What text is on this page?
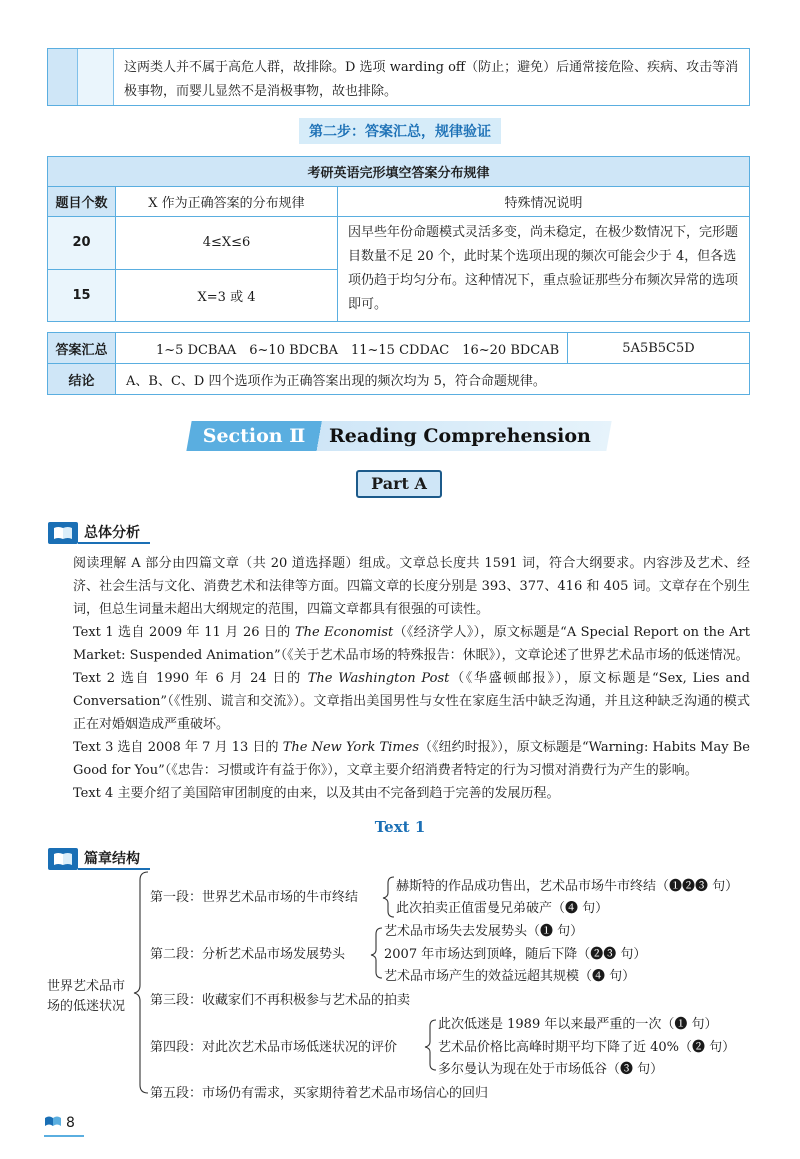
这两类人并不属于高危人群，故排除。D 选项 warding off（防止；避免）后通常接危险、疾病、攻击等消极事物，而婴儿显然不是消极事物，故也排除。
第二步：答案汇总，规律验证
考研英语完形填空答案分布规律		
题目个数	X 作为正确答案的分布规律	特殊情况说明
20	4≤X≤6	因早些年份命题模式灵活多变，尚未稳定，在极少数情况下，完形题目数量不足 20 个，此时某个选项出现的频次可能会少于 4，但各选项仍趋于均匀分布。这种情况下，重点验证那些分布频次异常的选项即可。
15	X=3 或 4	
答案汇总	1~5 DCBAA　6~10 BDCBA　11~15 CDDAC　16~20 BDCAB	5A5B5C5D
结论	A、B、C、D 四个选项作为正确答案出现的频次均为 5，符合命题规律。	
Section Ⅱ	Reading Comprehension
Part A
总体分析
阅读理解 A 部分由四篇文章（共 20 道选择题）组成。文章总长度共 1591 词，符合大纲要求。内容涉及艺术、经济、社会生活与文化、消费艺术和法律等方面。四篇文章的长度分别是 393、377、416 和 405 词。文章存在个别生词，但总生词量未超出大纲规定的范围，四篇文章都具有很强的可读性。
Text 1 选自 2009 年 11 月 26 日的 The Economist（《经济学人》），原文标题是“A Special Report on the Art Market: Suspended Animation”（《关于艺术品市场的特殊报告：休眠》），文章论述了世界艺术品市场的低迷情况。
Text 2 选自 1990 年 6 月 24 日的 The Washington Post（《华盛顿邮报》），原文标题是“Sex, Lies and Conversation”（《性别、谎言和交流》）。文章指出美国男性与女性在家庭生活中缺乏沟通，并且这种缺乏沟通的模式正在对婚姻造成严重破坏。
Text 3 选自 2008 年 7 月 13 日的 The New York Times（《纽约时报》），原文标题是“Warning: Habits May Be Good for You”（《忠告：习惯或许有益于你》），文章主要介绍消费者特定的行为习惯对消费行为产生的影响。
Text 4 主要介绍了美国陪审团制度的由来，以及其由不完备到趋于完善的发展历程。
Text 1
篇章结构
世界艺术品市
场的低迷状况
第一段：世界艺术品市场的牛市终结
赫斯特的作品成功售出，艺术品市场牛市终结（❶❷❸ 句）
此次拍卖正值雷曼兄弟破产（❹ 句）
第二段：分析艺术品市场发展势头
艺术品市场失去发展势头（❶ 句）
2007 年市场达到顶峰，随后下降（❷❸ 句）
艺术品市场产生的效益远超其规模（❹ 句）
第三段：收藏家们不再积极参与艺术品的拍卖
第四段：对此次艺术品市场低迷状况的评价
此次低迷是 1989 年以来最严重的一次（❶ 句）
艺术品价格比高峰时期平均下降了近 40%（❷ 句）
多尔曼认为现在处于市场低谷（❸ 句）
第五段：市场仍有需求，买家期待着艺术品市场信心的回归
8
